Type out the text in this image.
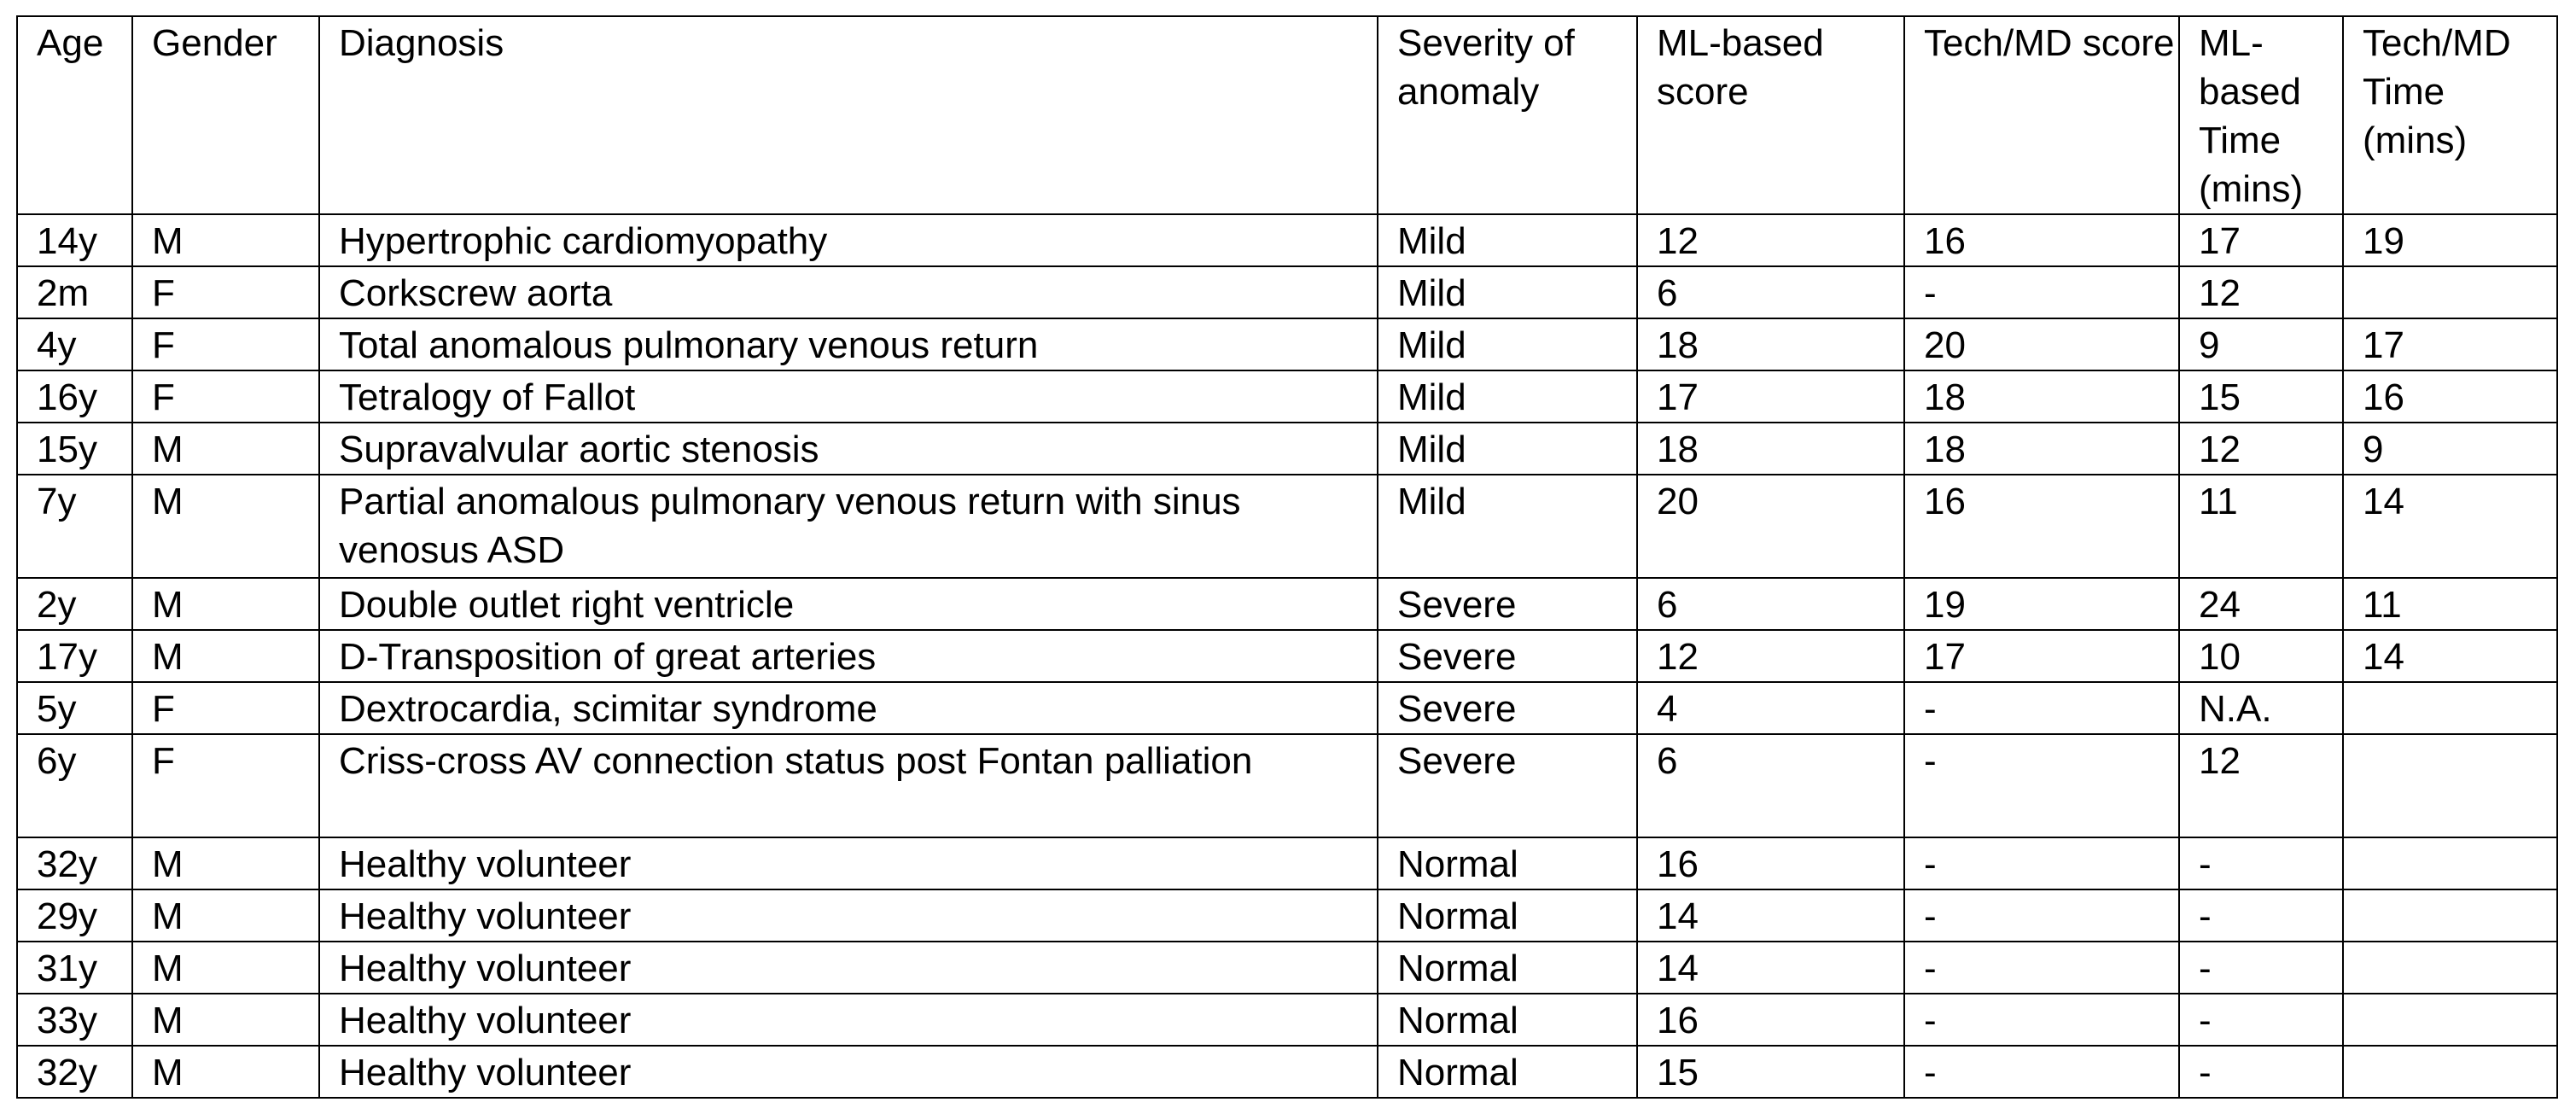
Age	Gender	Diagnosis	Severity of anomaly	ML-based score	Tech/MD score	ML-based Time (mins)	Tech/MD Time (mins)
14y	M	Hypertrophic cardiomyopathy	Mild	12	16	17	19
2m	F	Corkscrew aorta	Mild	6	-	12	
4y	F	Total anomalous pulmonary venous return	Mild	18	20	9	17
16y	F	Tetralogy of Fallot	Mild	17	18	15	16
15y	M	Supravalvular aortic stenosis	Mild	18	18	12	9
7y	M	Partial anomalous pulmonary venous return with sinus venosus ASD	Mild	20	16	11	14
2y	M	Double outlet right ventricle	Severe	6	19	24	11
17y	M	D-Transposition of great arteries	Severe	12	17	10	14
5y	F	Dextrocardia, scimitar syndrome	Severe	4	-	N.A.	
6y	F	Criss-cross AV connection status post Fontan palliation	Severe	6	-	12	
32y	M	Healthy volunteer	Normal	16	-	-	
29y	M	Healthy volunteer	Normal	14	-	-	
31y	M	Healthy volunteer	Normal	14	-	-	
33y	M	Healthy volunteer	Normal	16	-	-	
32y	M	Healthy volunteer	Normal	15	-	-	
